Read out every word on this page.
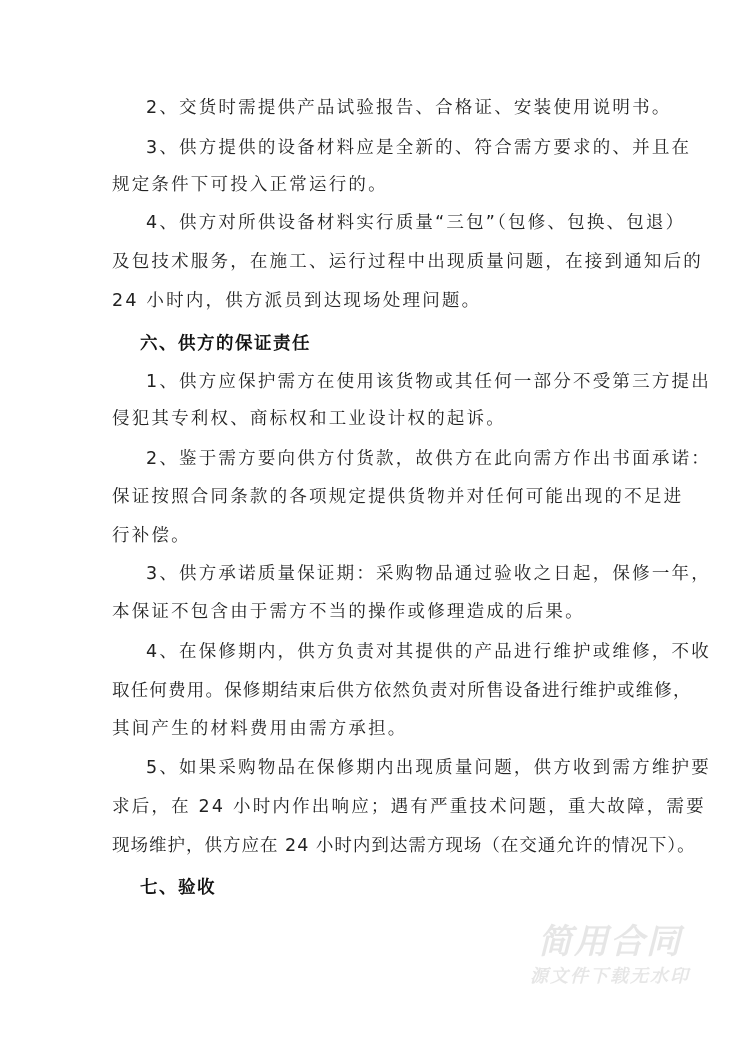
2、交货时需提供产品试验报告、合格证、安装使用说明书。
3、供方提供的设备材料应是全新的、符合需方要求的、并且在
规定条件下可投入正常运行的。
4、供方对所供设备材料实行质量“三包”（包修、包换、包退）
及包技术服务，在施工、运行过程中出现质量问题，在接到通知后的
24 小时内，供方派员到达现场处理问题。
六、供方的保证责任
1、供方应保护需方在使用该货物或其任何一部分不受第三方提出
侵犯其专利权、商标权和工业设计权的起诉。
2、鉴于需方要向供方付货款，故供方在此向需方作出书面承诺：
保证按照合同条款的各项规定提供货物并对任何可能出现的不足进
行补偿。
3、供方承诺质量保证期：采购物品通过验收之日起，保修一年，
本保证不包含由于需方不当的操作或修理造成的后果。
4、在保修期内，供方负责对其提供的产品进行维护或维修，不收
取任何费用。保修期结束后供方依然负责对所售设备进行维护或维修，
其间产生的材料费用由需方承担。
5、如果采购物品在保修期内出现质量问题，供方收到需方维护要
求后，在 24 小时内作出响应；遇有严重技术问题，重大故障，需要
现场维护，供方应在 24 小时内到达需方现场（在交通允许的情况下）。
七、验收
简用合同
源文件下载无水印
